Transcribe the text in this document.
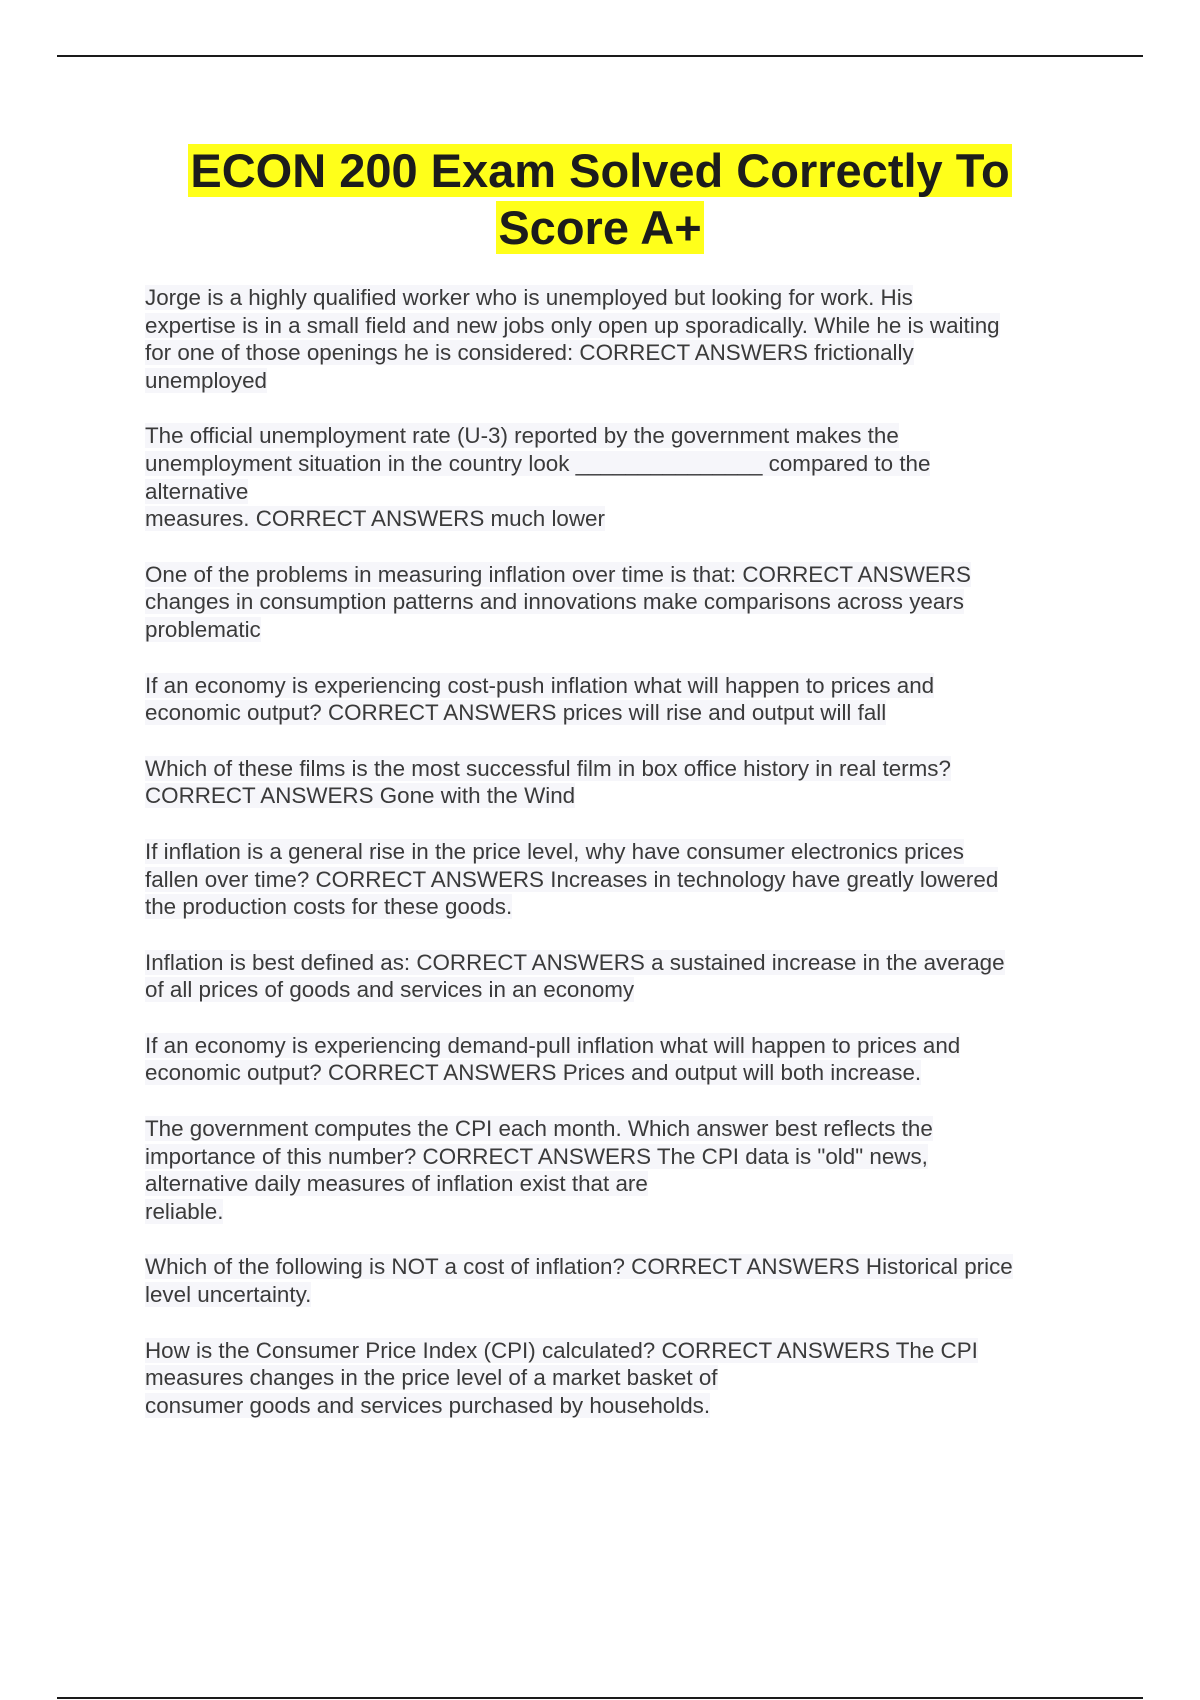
ECON 200 Exam Solved Correctly To
Score A+

Jorge is a highly qualified worker who is unemployed but looking for work. His
expertise is in a small field and new jobs only open up sporadically. While he is waiting
for one of those openings he is considered: CORRECT ANSWERS frictionally
unemployed

The official unemployment rate (U-3) reported by the government makes the
unemployment situation in the country look _______________ compared to the
alternative
measures. CORRECT ANSWERS much lower

One of the problems in measuring inflation over time is that: CORRECT ANSWERS
changes in consumption patterns and innovations make comparisons across years
problematic

If an economy is experiencing cost-push inflation what will happen to prices and
economic output? CORRECT ANSWERS prices will rise and output will fall

Which of these films is the most successful film in box office history in real terms?
CORRECT ANSWERS Gone with the Wind

If inflation is a general rise in the price level, why have consumer electronics prices
fallen over time? CORRECT ANSWERS Increases in technology have greatly lowered
the production costs for these goods.

Inflation is best defined as: CORRECT ANSWERS a sustained increase in the average
of all prices of goods and services in an economy

If an economy is experiencing demand-pull inflation what will happen to prices and
economic output? CORRECT ANSWERS Prices and output will both increase.

The government computes the CPI each month. Which answer best reflects the
importance of this number? CORRECT ANSWERS The CPI data is "old" news,
alternative daily measures of inflation exist that are
reliable.

Which of the following is NOT a cost of inflation? CORRECT ANSWERS Historical price
level uncertainty.

How is the Consumer Price Index (CPI) calculated? CORRECT ANSWERS The CPI
measures changes in the price level of a market basket of
consumer goods and services purchased by households.
